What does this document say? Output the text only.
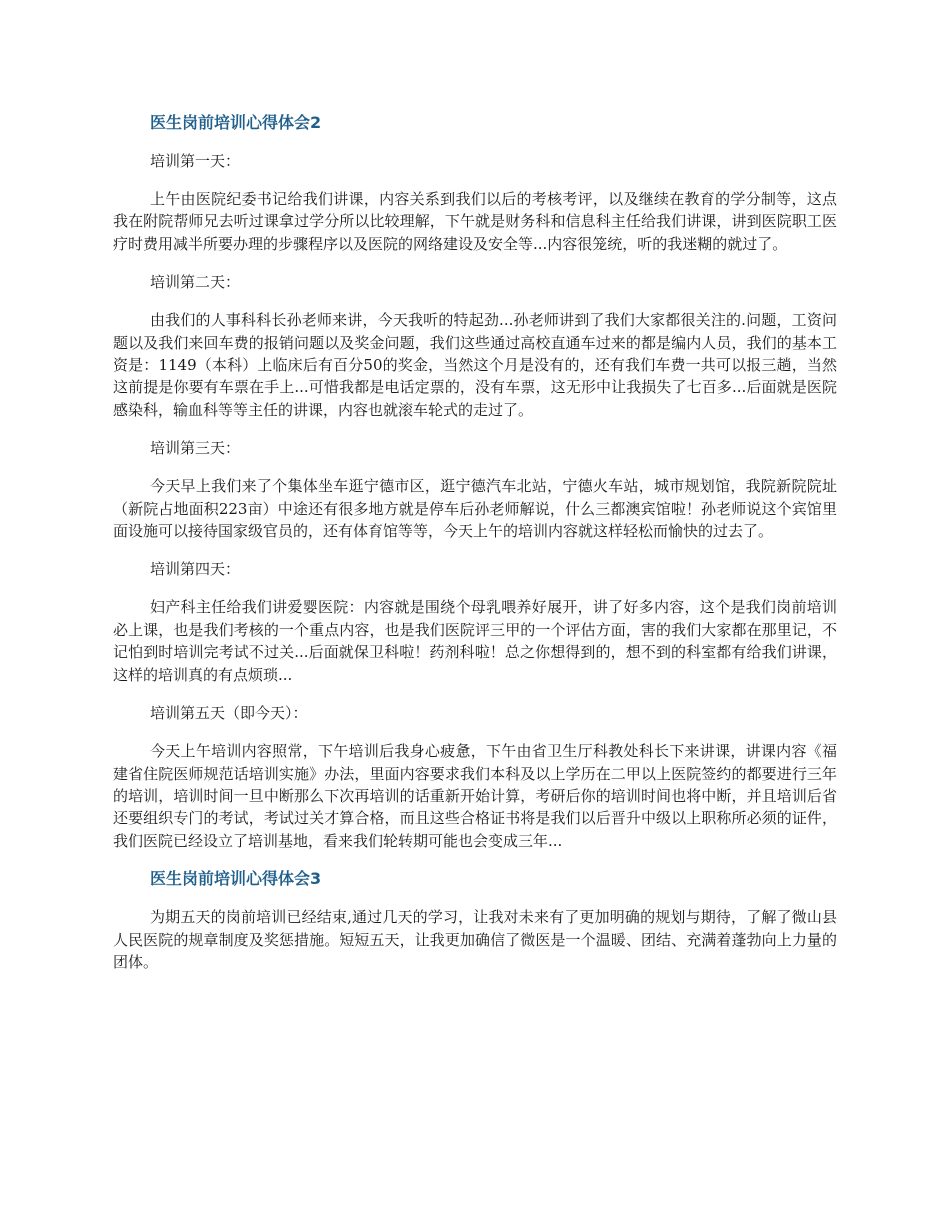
医生岗前培训心得体会2
培训第一天：

上午由医院纪委书记给我们讲课，内容关系到我们以后的考核考评，以及继续在教育的学分制等，这点我在附院帮师兄去听过课拿过学分所以比较理解，下午就是财务科和信息科主任给我们讲课，讲到医院职工医疗时费用减半所要办理的步骤程序以及医院的网络建设及安全等...内容很笼统，听的我迷糊的就过了。

培训第二天：

由我们的人事科科长孙老师来讲，今天我听的特起劲...孙老师讲到了我们大家都很关注的.问题，工资问题以及我们来回车费的报销问题以及奖金问题，我们这些通过高校直通车过来的都是编内人员，我们的基本工资是：1149（本科）上临床后有百分50的奖金，当然这个月是没有的，还有我们车费一共可以报三趟，当然这前提是你要有车票在手上...可惜我都是电话定票的，没有车票，这无形中让我损失了七百多...后面就是医院感染科，输血科等等主任的讲课，内容也就滚车轮式的走过了。

培训第三天：

今天早上我们来了个集体坐车逛宁德市区，逛宁德汽车北站，宁德火车站，城市规划馆，我院新院院址（新院占地面积223亩）中途还有很多地方就是停车后孙老师解说，什么三都澳宾馆啦！孙老师说这个宾馆里面设施可以接待国家级官员的，还有体育馆等等，今天上午的培训内容就这样轻松而愉快的过去了。

培训第四天：

妇产科主任给我们讲爱婴医院：内容就是围绕个母乳喂养好展开，讲了好多内容，这个是我们岗前培训必上课，也是我们考核的一个重点内容，也是我们医院评三甲的一个评估方面，害的我们大家都在那里记，不记怕到时培训完考试不过关...后面就保卫科啦！药剂科啦！总之你想得到的，想不到的科室都有给我们讲课，这样的培训真的有点烦琐...

培训第五天（即今天）：

今天上午培训内容照常，下午培训后我身心疲惫，下午由省卫生厅科教处科长下来讲课，讲课内容《福建省住院医师规范话培训实施》办法，里面内容要求我们本科及以上学历在二甲以上医院签约的都要进行三年的培训，培训时间一旦中断那么下次再培训的话重新开始计算，考研后你的培训时间也将中断，并且培训后省还要组织专门的考试，考试过关才算合格，而且这些合格证书将是我们以后晋升中级以上职称所必须的证件，我们医院已经设立了培训基地，看来我们轮转期可能也会变成三年...

医生岗前培训心得体会3

为期五天的岗前培训已经结束,通过几天的学习，让我对未来有了更加明确的规划与期待，了解了微山县人民医院的规章制度及奖惩措施。短短五天，让我更加确信了微医是一个温暖、团结、充满着蓬勃向上力量的团体。
